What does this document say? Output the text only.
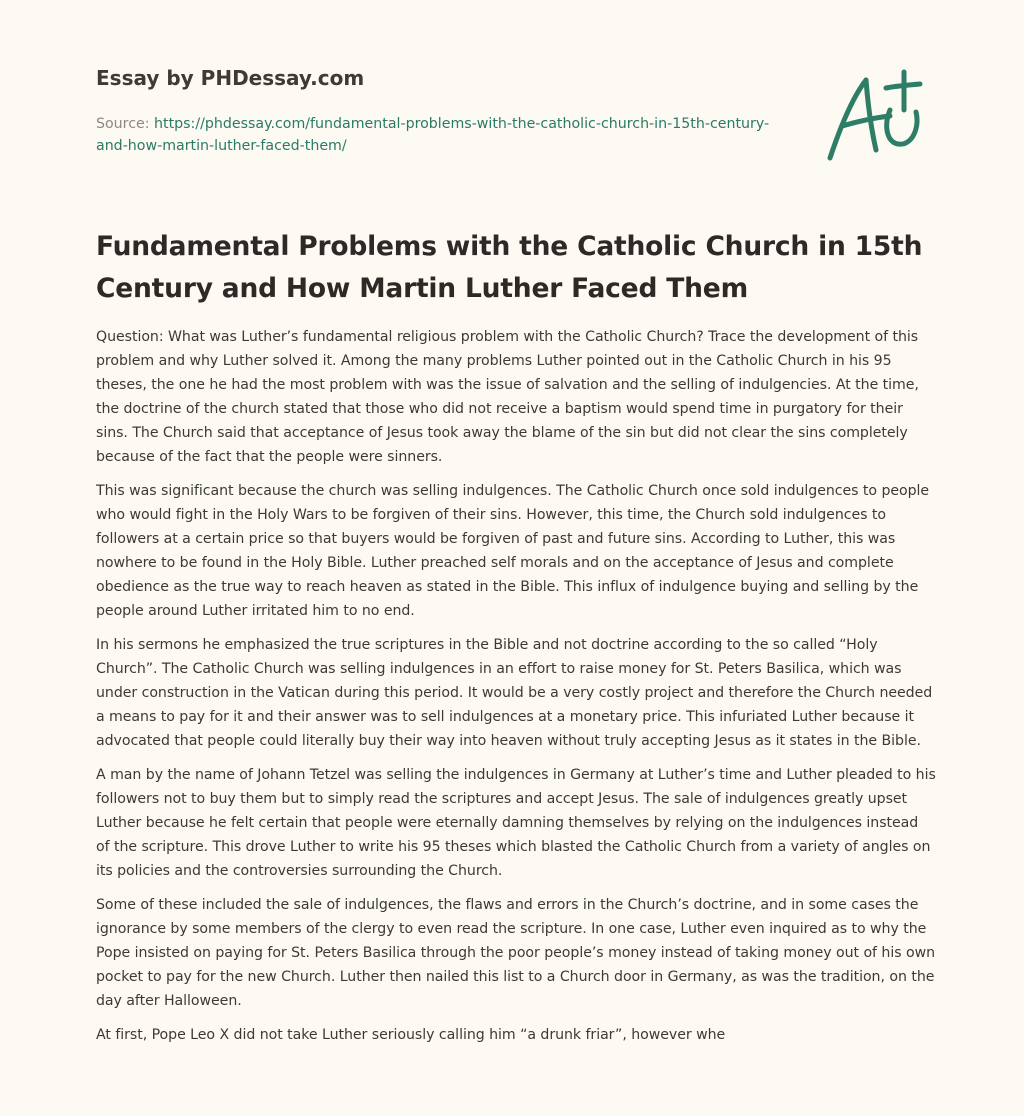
Essay by PHDessay.com
Source: https://phdessay.com/fundamental-problems-with-the-catholic-church-in-15th-century-and-how-martin-luther-faced-them/
Fundamental Problems with the Catholic Church in 15th Century and How Martin Luther Faced Them

Question: What was Luther’s fundamental religious problem with the Catholic Church? Trace the development of this problem and why Luther solved it. Among the many problems Luther pointed out in the Catholic Church in his 95 theses, the one he had the most problem with was the issue of salvation and the selling of indulgencies. At the time, the doctrine of the church stated that those who did not receive a baptism would spend time in purgatory for their sins. The Church said that acceptance of Jesus took away the blame of the sin but did not clear the sins completely because of the fact that the people were sinners.

This was significant because the church was selling indulgences. The Catholic Church once sold indulgences to people who would fight in the Holy Wars to be forgiven of their sins. However, this time, the Church sold indulgences to followers at a certain price so that buyers would be forgiven of past and future sins. According to Luther, this was nowhere to be found in the Holy Bible. Luther preached self morals and on the acceptance of Jesus and complete obedience as the true way to reach heaven as stated in the Bible. This influx of indulgence buying and selling by the people around Luther irritated him to no end.

In his sermons he emphasized the true scriptures in the Bible and not doctrine according to the so called “Holy Church”. The Catholic Church was selling indulgences in an effort to raise money for St. Peters Basilica, which was under construction in the Vatican during this period. It would be a very costly project and therefore the Church needed a means to pay for it and their answer was to sell indulgences at a monetary price. This infuriated Luther because it advocated that people could literally buy their way into heaven without truly accepting Jesus as it states in the Bible.

A man by the name of Johann Tetzel was selling the indulgences in Germany at Luther’s time and Luther pleaded to his followers not to buy them but to simply read the scriptures and accept Jesus. The sale of indulgences greatly upset Luther because he felt certain that people were eternally damning themselves by relying on the indulgences instead of the scripture. This drove Luther to write his 95 theses which blasted the Catholic Church from a variety of angles on its policies and the controversies surrounding the Church.

Some of these included the sale of indulgences, the flaws and errors in the Church’s doctrine, and in some cases the ignorance by some members of the clergy to even read the scripture. In one case, Luther even inquired as to why the Pope insisted on paying for St. Peters Basilica through the poor people’s money instead of taking money out of his own pocket to pay for the new Church. Luther then nailed this list to a Church door in Germany, as was the tradition, on the day after Halloween.

At first, Pope Leo X did not take Luther seriously calling him “a drunk friar”, however whe
